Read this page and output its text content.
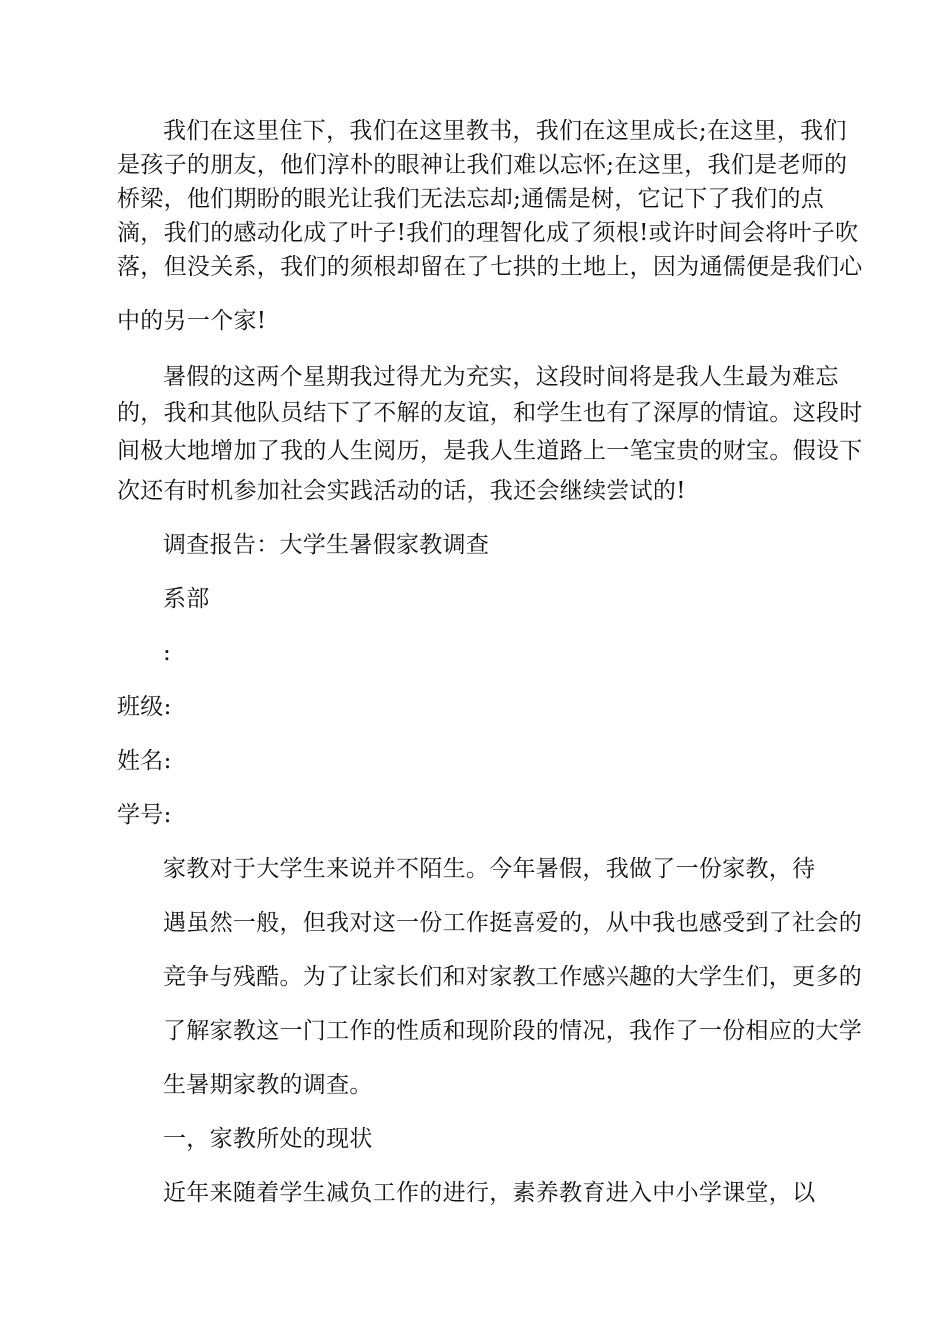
我们在这里住下，我们在这里教书，我们在这里成长;在这里，我们
是孩子的朋友，他们淳朴的眼神让我们难以忘怀;在这里，我们是老师的
桥梁，他们期盼的眼光让我们无法忘却;通儒是树，它记下了我们的点
滴，我们的感动化成了叶子!我们的理智化成了须根!或许时间会将叶子吹
落，但没关系，我们的须根却留在了七拱的土地上，因为通儒便是我们心
中的另一个家!
暑假的这两个星期我过得尤为充实，这段时间将是我人生最为难忘
的，我和其他队员结下了不解的友谊，和学生也有了深厚的情谊。这段时
间极大地增加了我的人生阅历，是我人生道路上一笔宝贵的财宝。假设下
次还有时机参加社会实践活动的话，我还会继续尝试的!
调查报告：大学生暑假家教调查
系部
:
班级:
姓名:
学号:
家教对于大学生来说并不陌生。今年暑假，我做了一份家教，待
遇虽然一般，但我对这一份工作挺喜爱的，从中我也感受到了社会的
竞争与残酷。为了让家长们和对家教工作感兴趣的大学生们，更多的
了解家教这一门工作的性质和现阶段的情况，我作了一份相应的大学
生暑期家教的调查。
一，家教所处的现状
近年来随着学生减负工作的进行，素养教育进入中小学课堂，以
